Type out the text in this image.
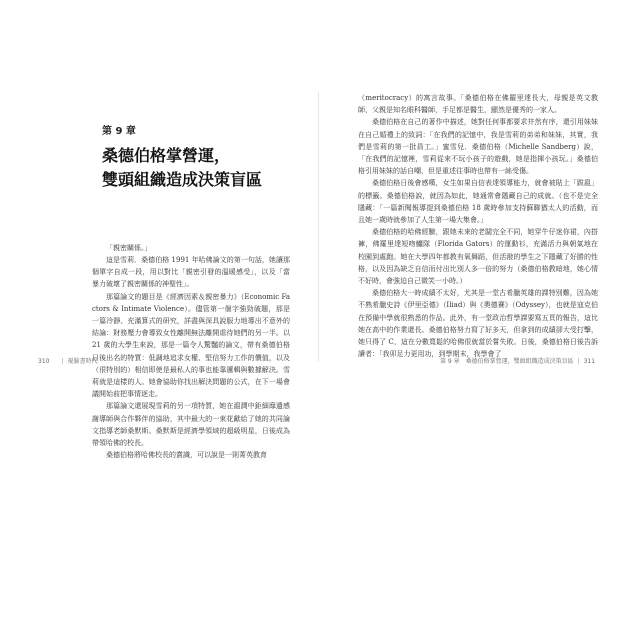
第 9 章
桑德伯格掌營運，
雙頭組織造成決策盲區

（meritocracy）的寓言故事。「桑德伯格在佛羅里達長大，母親是英文教師，父親是知名眼科醫師，手足都是醫生，顯然是優秀的一家人。

桑德伯格在自己的著作中描述，她對任何事都要求井然有序，還引用妹妹在自己婚禮上的致詞：「在我們的記憶中，我是雪莉的弟弟和妹妹，其實，我們是雪莉的第一批員工。」蜜雪兒．桑德伯格（Michelle Sandberg）說，「在我們的記憶裡，雪莉從來不玩小孩子的遊戲，她是指揮小孩玩。」桑德伯格引用妹妹的話自嘲，但是重述往事時也帶有一絲受傷。

桑德伯格日後會感嘆，女生如果自信表達領導能力，就會被貼上「跋扈」的標籤。桑德伯格說，就因為如此，她通常會隱藏自己的成就。（也不是完全隱藏：「一篇新聞報導提到桑德伯格 18 歲時參加支持蘇聯猶太人的活動，而且她一歲時就參加了人生第一場大集會。」

桑德伯格的哈佛經驗，跟她未來的老闆完全不同，她穿牛仔迷你裙，內搭褲，佛羅里達短吻鱷隊（Florida Gators）的運動衫，充滿活力與朝氣地在校園到處跑。她在大學四年都教有氧舞蹈，但活潑的學生之下隱藏了好勝的性格，以及因為缺乏自信而付出比別人多一倍的努力（桑德伯格教暗地，她心情不好時，會強迫自己微笑一小時。）

桑德伯格大一時成績不太好，尤其是一堂古希臘英雄的課特別難，因為她不熟希臘史詩《伊里亞德》（Iliad）與《奧德賽》（Odyssey），也就是寇克伯在預備中學就很熟悉的作品。此外，有一堂政治哲學課要寫五頁的報告，這比她在高中的作業還長。桑德伯格努力寫了好多天，但拿到的成績卻大受打擊，她只得了 C，這在分數寬鬆的哈佛很就當於嘗失敗。日後，桑德伯格日後告訴讀者：「我卯足力更用功，到學期末，我學會了

「親密關係。」

這是雪莉．桑德伯格 1991 年哈佛論文的第一句話，她讓那個單字自成一段，用以對比「親密引發的溫暖感受」，以及「當暴力破壞了親密關係的神聖性」。

那篇論文的題目是《經濟因素＆親密暴力》（Economic Factors & Intimate Violence）。儘管第一個字強勁破題，那是一篇冷靜、充滿算式的研究，詳盡與深具說服力地導出不意外的結論：財務壓力會導致女性離開無法離開虐待她們的另一半。以 21 歲的大學生來說，那是一篇令人驚豔的論文，帶有桑德伯格日後出名的特質：低調地追求女權、堅信努力工作的價值，以及（很特別的）相信即使是最私人的事也能靠邏輯與數據解決。雪莉就是這樣的人。她會協助你找出解決問題的公式，在下一場會議開始前把事情逐走。

那篇論文還展現雪莉的另一項特質，她在滬澗中鉅細靡遺感謝導師與合作夥伴的協助，其中最大的一束花獻給了她的共同論文指導老師桑默斯。桑默斯是經濟學領域的超級明星，日後成為帶領哈佛的校長。

桑德伯格將哈佛校長的賞識，可以說是一則菁英教育

310 | 視臉書時代	第 9 章 桑德伯格掌營運，雙頭組織造成決策盲區 | 311
